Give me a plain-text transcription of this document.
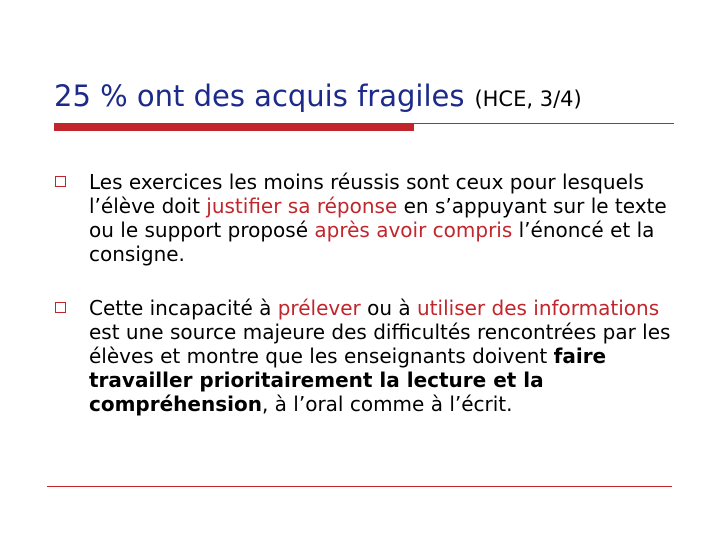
25 % ont des acquis fragiles (HCE, 3/4)
Les exercices les moins réussis sont ceux pour lesquels l’élève doit justifier sa réponse en s’appuyant sur le texte ou le support proposé après avoir compris l’énoncé et la consigne.
Cette incapacité à prélever ou à utiliser des informations est une source majeure des difficultés rencontrées par les élèves et montre que les enseignants doivent faire travailler prioritairement la lecture et la compréhension, à l’oral comme à l’écrit.
